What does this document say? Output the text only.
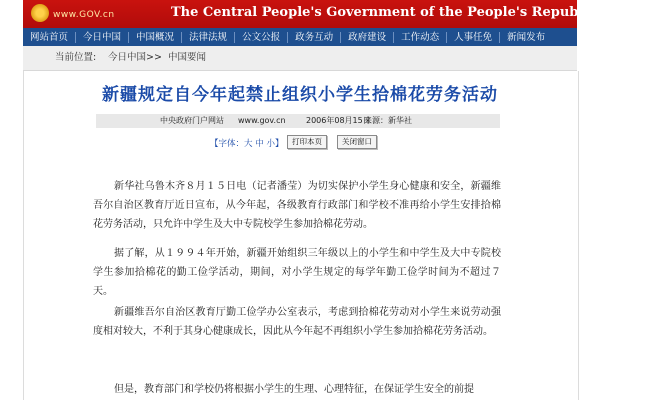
www.GOV.cn	The Central People's Government of the People's Republic of China
网站首页	今日中国	中国概况	法律法规	公文公报	政务互动	政府建设	工作动态	人事任免	新闻发布
当前位置: 今日中国>>  中国要闻
新疆规定自今年起禁止组织小学生拾棉花劳务活动
中央政府门户网站 www.gov.cn	2006年08月15日
来源：新华社
【字体：大 中 小】	打印本页	关闭窗口
新华社乌鲁木齐８月１５日电（记者潘莹）为切实保护小学生身心健康和安全，新疆维吾尔自治区教育厅近日宣布，从今年起，各级教育行政部门和学校不准再给小学生安排拾棉花劳务活动，只允许中学生及大中专院校学生参加拾棉花劳动。
据了解，从１９９４年开始，新疆开始组织三年级以上的小学生和中学生及大中专院校学生参加拾棉花的勤工俭学活动，期间，对小学生规定的每学年勤工俭学时间为不超过７天。
新疆维吾尔自治区教育厅勤工俭学办公室表示，考虑到拾棉花劳动对小学生来说劳动强度相对较大，不利于其身心健康成长，因此从今年起不再组织小学生参加拾棉花劳务活动。
但是，教育部门和学校仍将根据小学生的生理、心理特征，在保证学生安全的前提
